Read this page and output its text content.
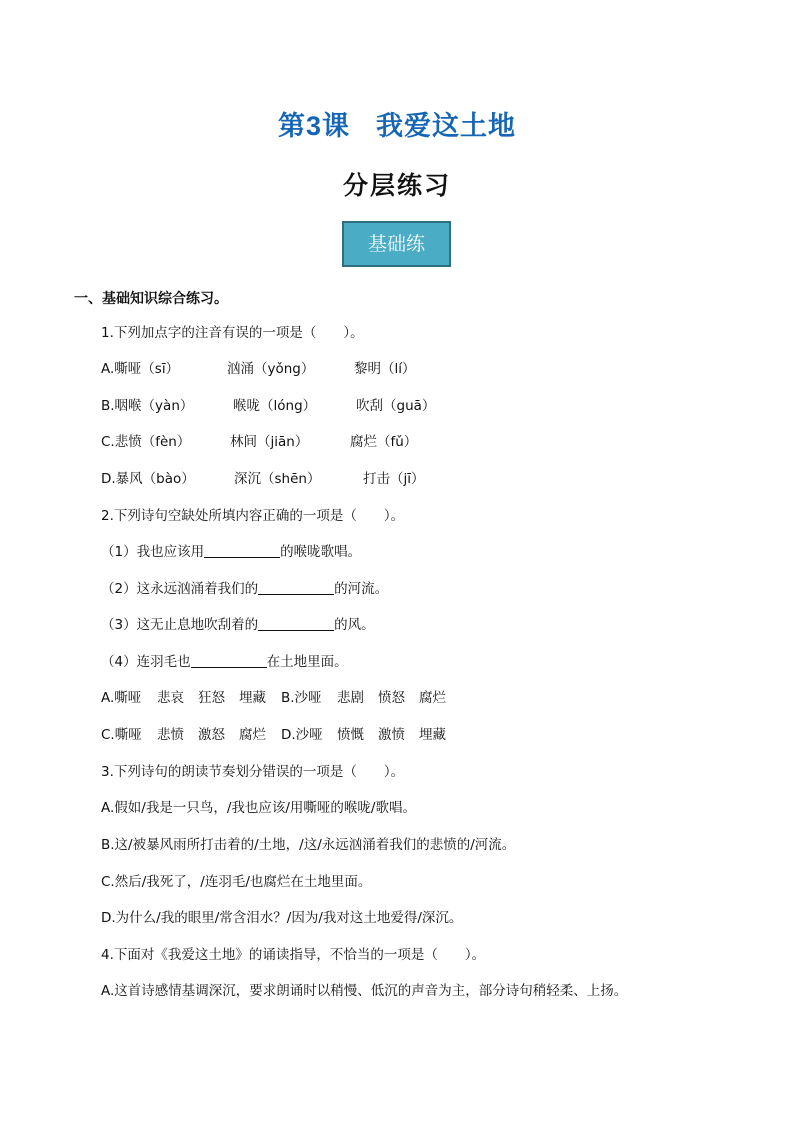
第3课 我爱这土地
分层练习
基础练
一、基础知识综合练习。
1.下列加点字的注音有误的一项是（　　）。
A.嘶哑（sī）	汹涌（yǒng）	黎明（lí）
B.咽喉（yàn）	喉咙（lóng）	吹刮（guā）
C.悲愤（fèn）	林间（jiān）	腐烂（fǔ）
D.暴风（bào）	深沉（shēn）	打击（jī）
2.下列诗句空缺处所填内容正确的一项是（　　）。
（1）我也应该用	的喉咙歌唱。
（2）这永远汹涌着我们的	的河流。
（3）这无止息地吹刮着的	的风。
（4）连羽毛也	在土地里面。
A.嘶哑 悲哀 狂怒 埋藏 B.沙哑 悲剧 愤怒 腐烂
C.嘶哑 悲愤 激怒 腐烂 D.沙哑 愤慨 激愤 埋藏
3.下列诗句的朗读节奏划分错误的一项是（　　）。
A.假如/我是一只鸟，/我也应该/用嘶哑的喉咙/歌唱。
B.这/被暴风雨所打击着的/土地，/这/永远汹涌着我们的悲愤的/河流。
C.然后/我死了，/连羽毛/也腐烂在土地里面。
D.为什么/我的眼里/常含泪水？/因为/我对这土地爱得/深沉。
4.下面对《我爱这土地》的诵读指导，不恰当的一项是（　　）。
A.这首诗感情基调深沉，要求朗诵时以稍慢、低沉的声音为主，部分诗句稍轻柔、上扬。
